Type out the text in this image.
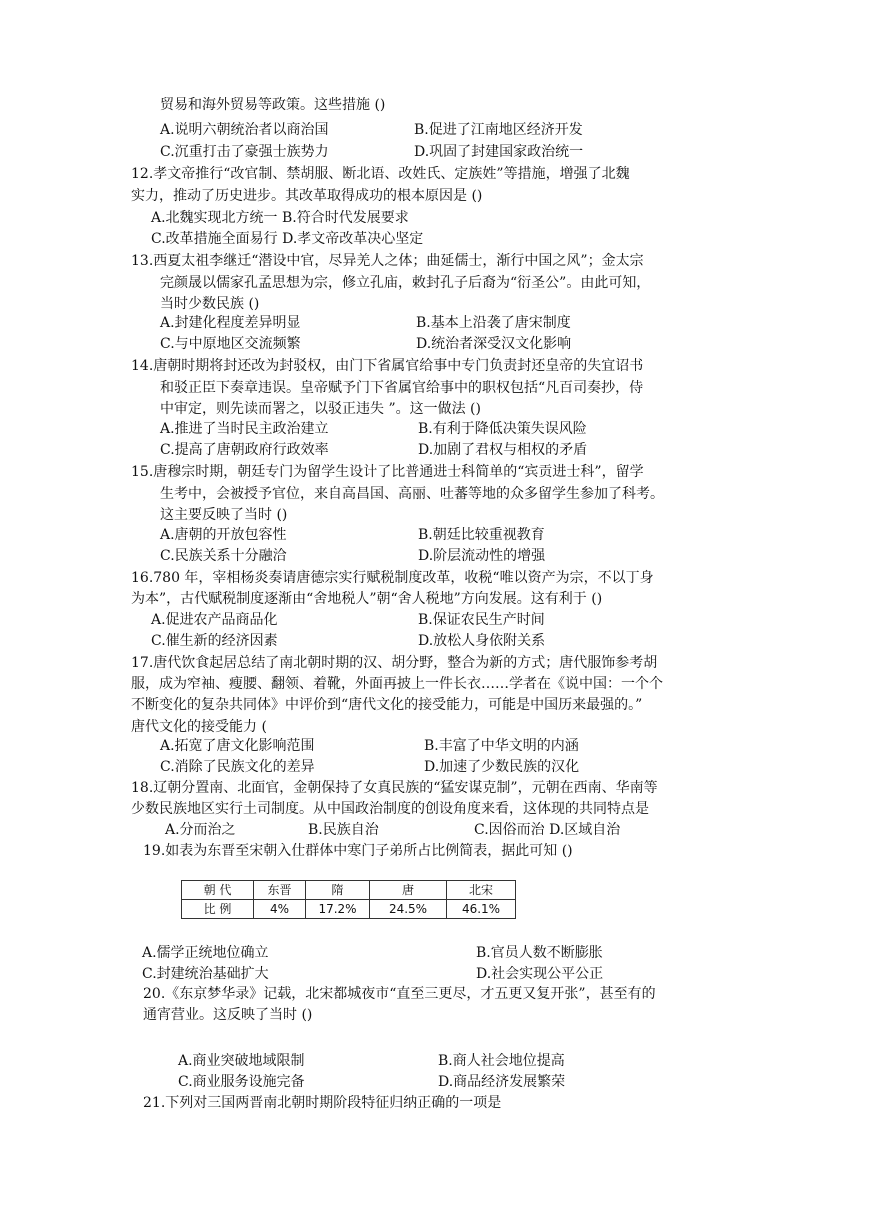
贸易和海外贸易等政策。这些措施 ()
A.说明六朝统治者以商治国	B.促进了江南地区经济开发
C.沉重打击了豪强士族势力	D.巩固了封建国家政治统一
12.孝文帝推行“改官制、禁胡服、断北语、改姓氏、定族姓”等措施，增强了北魏
实力，推动了历史进步。其改革取得成功的根本原因是 ()
A.北魏实现北方统一 B.符合时代发展要求
C.改革措施全面易行 D.孝文帝改革决心坚定
13.西夏太祖李继迁“潜设中官，尽异羌人之体；曲延儒士，渐行中国之风”；金太宗
完颜晟以儒家孔孟思想为宗，修立孔庙，敕封孔子后裔为“衍圣公”。由此可知，
当时少数民族 ()
A.封建化程度差异明显	B.基本上沿袭了唐宋制度
C.与中原地区交流频繁	D.统治者深受汉文化影响
14.唐朝时期将封还改为封驳权，由门下省属官给事中专门负责封还皇帝的失宜诏书
和驳正臣下奏章违误。皇帝赋予门下省属官给事中的职权包括“凡百司奏抄，侍
中审定，则先读而署之，以驳正违失 ”。这一做法 ()
A.推进了当时民主政治建立	B.有利于降低决策失误风险
C.提高了唐朝政府行政效率	D.加剧了君权与相权的矛盾
15.唐穆宗时期，朝廷专门为留学生设计了比普通进士科简单的“宾贡进士科”，留学
生考中，会被授予官位，来自高昌国、高丽、吐蕃等地的众多留学生参加了科考。
这主要反映了当时 ()
A.唐朝的开放包容性	B.朝廷比较重视教育
C.民族关系十分融洽	D.阶层流动性的增强
16.780 年，宰相杨炎奏请唐德宗实行赋税制度改革，收税“唯以资产为宗，不以丁身
为本”，古代赋税制度逐渐由“舍地税人”朝“舍人税地”方向发展。这有利于 ()
A.促进农产品商品化	B.保证农民生产时间
C.催生新的经济因素	D.放松人身依附关系
17.唐代饮食起居总结了南北朝时期的汉、胡分野，整合为新的方式；唐代服饰参考胡
服，成为窄袖、瘦腰、翻领、着靴，外面再披上一件长衣……学者在《说中国：一个个
不断变化的复杂共同体》中评价到“唐代文化的接受能力，可能是中国历来最强的。”
唐代文化的接受能力 (
A.拓宽了唐文化影响范围	B.丰富了中华文明的内涵
C.消除了民族文化的差异	D.加速了少数民族的汉化
18.辽朝分置南、北面官，金朝保持了女真民族的“猛安谋克制”，元朝在西南、华南等
少数民族地区实行土司制度。从中国政治制度的创设角度来看，这体现的共同特点是
A.分而治之	B.民族自治	C.因俗而治 D.区域自治
19.如表为东晋至宋朝入仕群体中寒门子弟所占比例简表，据此可知 ()
A.儒学正统地位确立	B.官员人数不断膨胀
C.封建统治基础扩大	D.社会实现公平公正
20.《东京梦华录》记载，北宋都城夜市“直至三更尽，才五更又复开张”，甚至有的
通宵营业。这反映了当时 ()
A.商业突破地域限制	B.商人社会地位提高
C.商业服务设施完备	D.商品经济发展繁荣
21.下列对三国两晋南北朝时期阶段特征归纳正确的一项是
朝 代	东晋	隋	唐	北宋
比 例	4%	17.2%	24.5%	46.1%
